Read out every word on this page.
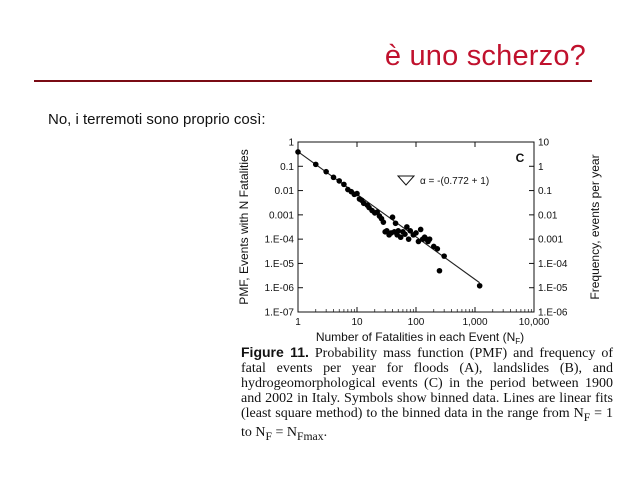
è uno scherzo?
No, i terremoti sono proprio così:
1	10	100	1,000	10,000
1
0.1
0.01
0.001
1.E-04
1.E-05
1.E-06
1.E-07
10
1
0.1
0.01
0.001
1.E-04
1.E-05
1.E-06
C
α = -(0.772 + 1)
Number of Fatalities in each Event $(N_F)$
PMF, Events with N Fatalities	Frequency, events per year
Figure 11. Probability mass function (PMF) and frequency of fatal events per year for floods (A), landslides (B), and hydrogeomorphological events (C) in the period between 1900 and 2002 in Italy. Symbols show binned data. Lines are linear fits (least square method) to the binned data in the range from $N_F = 1$ to $N_F = N_{Fmax}$.
